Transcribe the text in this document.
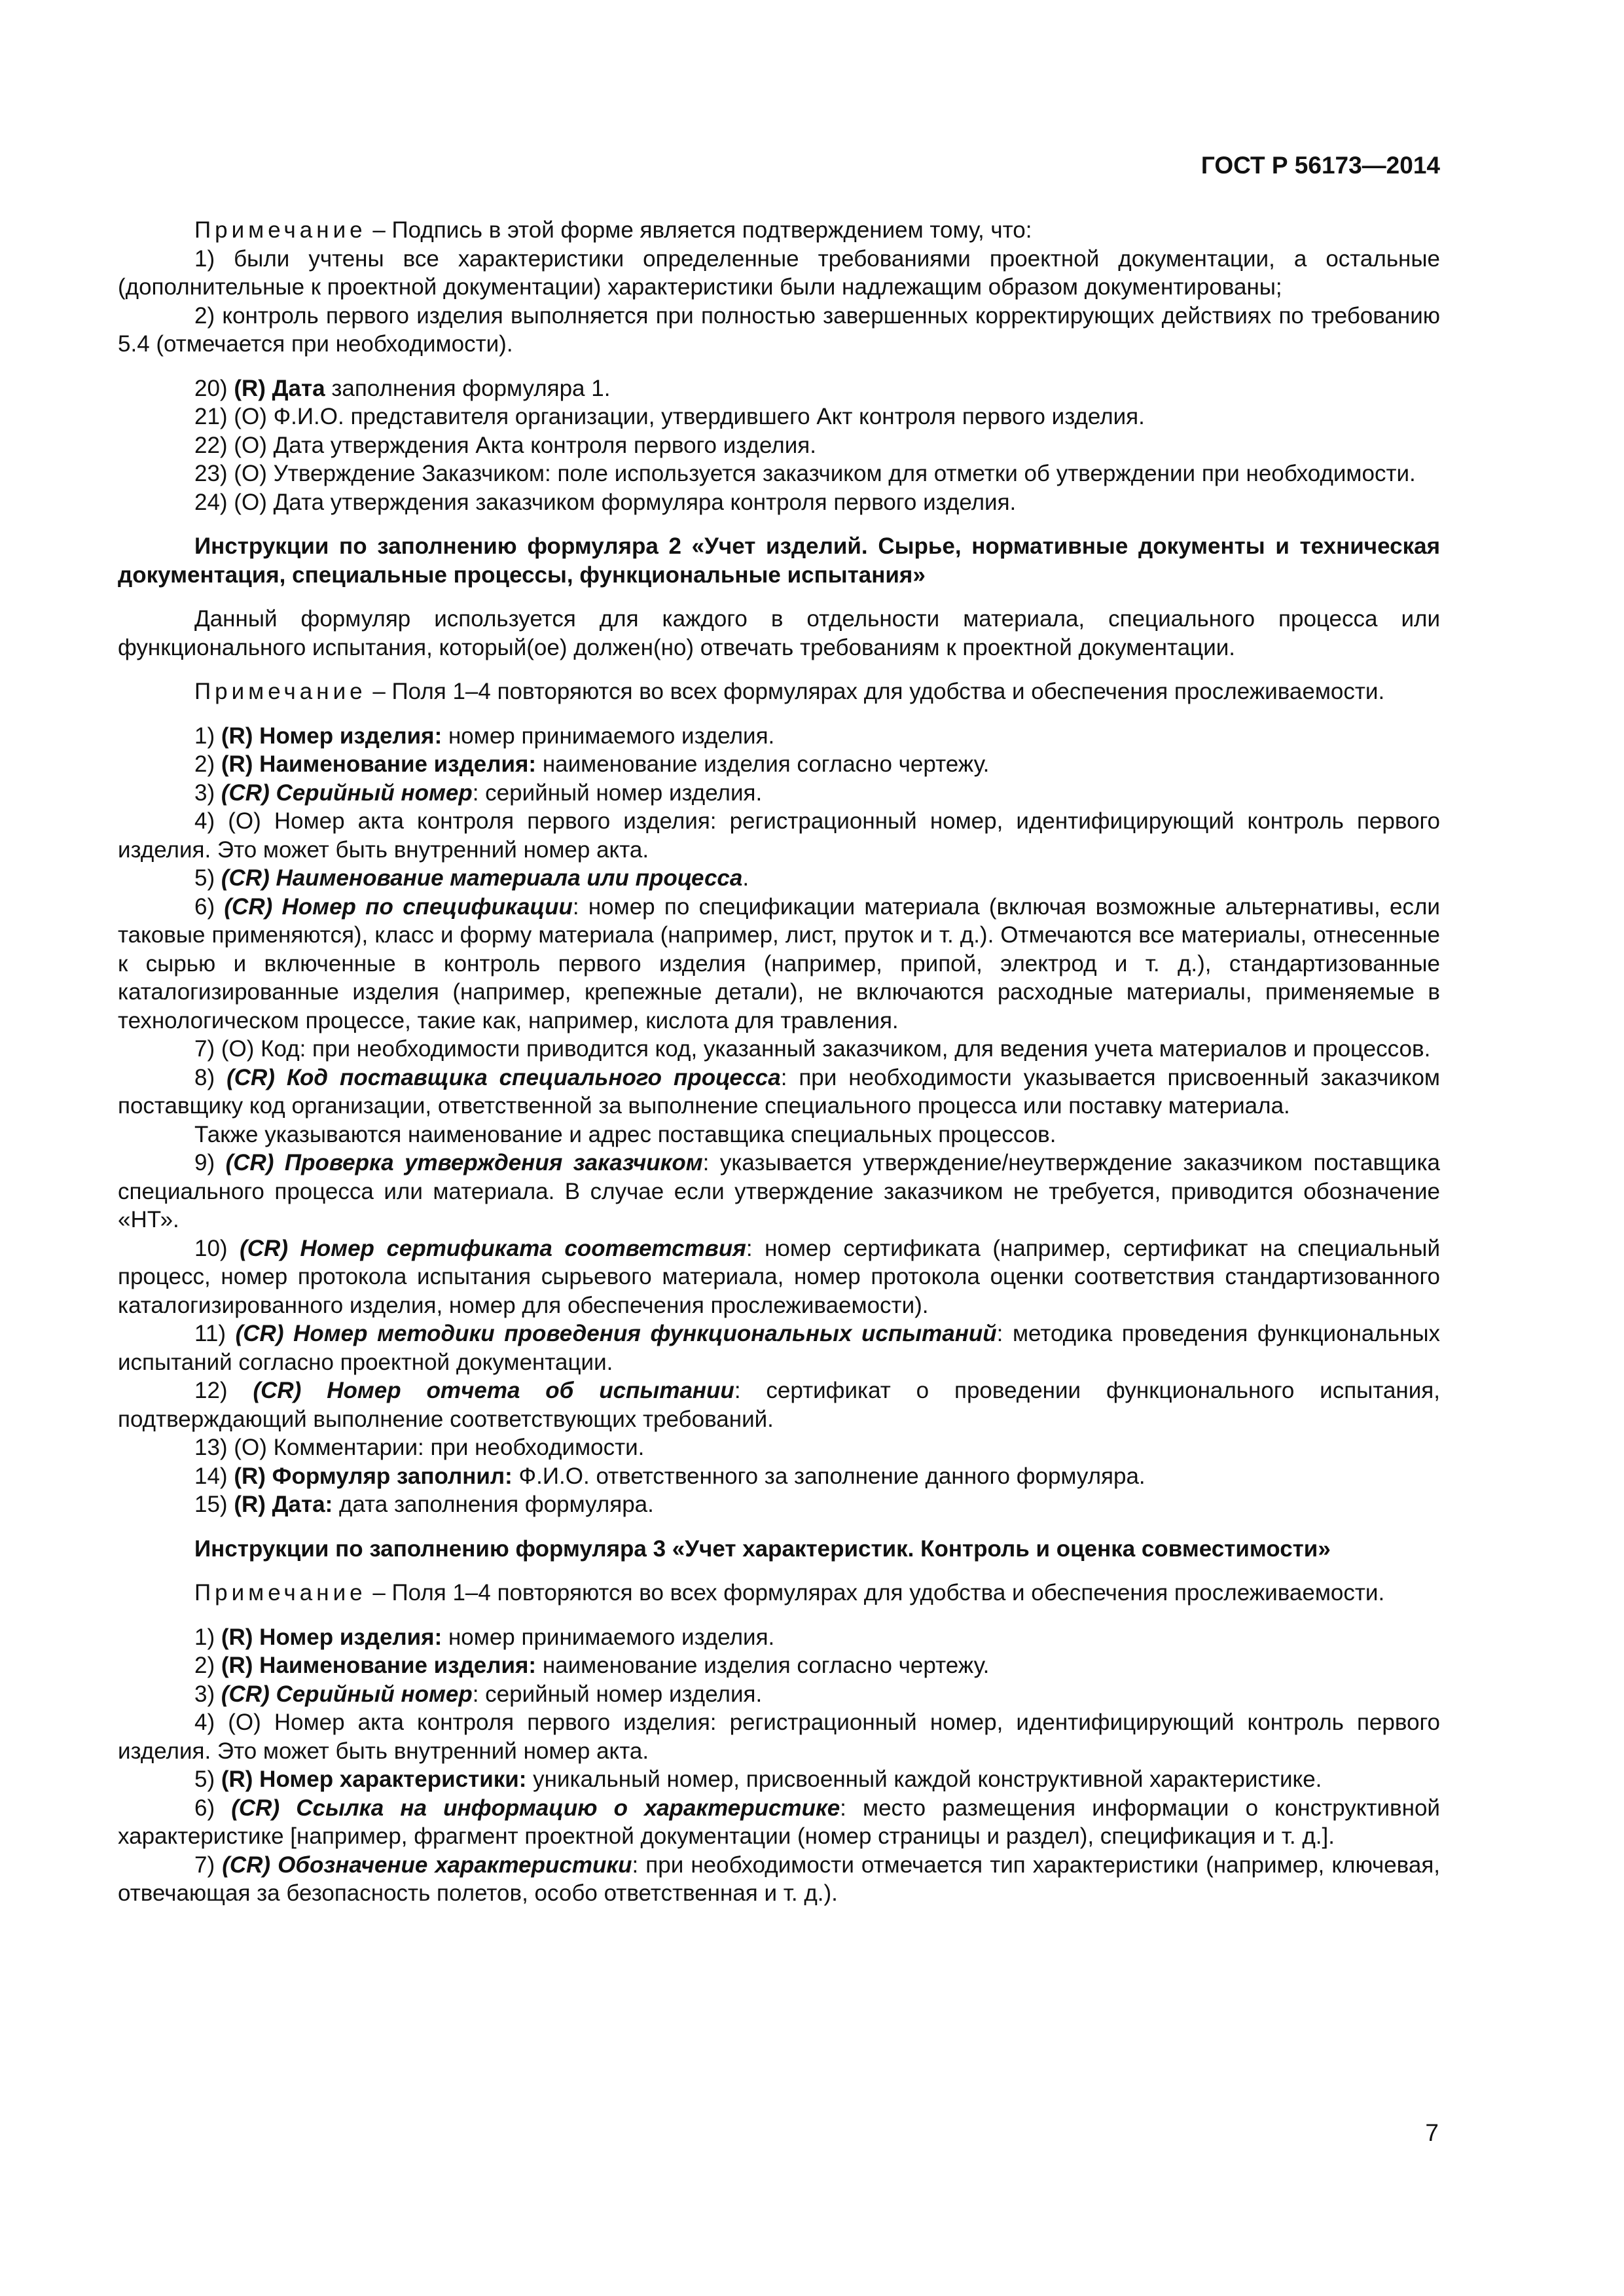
ГОСТ Р 56173—2014

Примечание – Подпись в этой форме является подтверждением тому, что:

1) были учтены все характеристики определенные требованиями проектной документации, а остальные (дополнительные к проектной документации) характеристики были надлежащим образом документированы;

2) контроль первого изделия выполняется при полностью завершенных корректирующих действиях по требованию 5.4 (отмечается при необходимости).

20) (R) Дата заполнения формуляра 1.

21) (О) Ф.И.О. представителя организации, утвердившего Акт контроля первого изделия.

22) (О) Дата утверждения Акта контроля первого изделия.

23) (О) Утверждение Заказчиком: поле используется заказчиком для отметки об утверждении при необходимости.

24) (О) Дата утверждения заказчиком формуляра контроля первого изделия.

Инструкции по заполнению формуляра 2 «Учет изделий. Сырье, нормативные документы и техническая документация, специальные процессы, функциональные испытания»

Данный формуляр используется для каждого в отдельности материала, специального процесса или функционального испытания, который(ое) должен(но) отвечать требованиям к проектной документации.

Примечание – Поля 1–4 повторяются во всех формулярах для удобства и обеспечения прослеживаемости.

1) (R) Номер изделия: номер принимаемого изделия.

2) (R) Наименование изделия: наименование изделия согласно чертежу.

3) (CR) Серийный номер: серийный номер изделия.

4) (О) Номер акта контроля первого изделия: регистрационный номер, идентифицирующий контроль первого изделия. Это может быть внутренний номер акта.

5) (CR) Наименование материала или процесса.

6) (CR) Номер по спецификации: номер по спецификации материала (включая возможные альтернативы, если таковые применяются), класс и форму материала (например, лист, пруток и т. д.). Отмечаются все материалы, отнесенные к сырью и включенные в контроль первого изделия (например, припой, электрод и т. д.), стандартизованные каталогизированные изделия (например, крепежные детали), не включаются расходные материалы, применяемые в технологическом процессе, такие как, например, кислота для травления.

7) (О) Код: при необходимости приводится код, указанный заказчиком, для ведения учета материалов и процессов.

8) (CR) Код поставщика специального процесса: при необходимости указывается присвоенный заказчиком поставщику код организации, ответственной за выполнение специального процесса или поставку материала.

Также указываются наименование и адрес поставщика специальных процессов.

9) (CR) Проверка утверждения заказчиком: указывается утверждение/неутверждение заказчиком поставщика специального процесса или материала. В случае если утверждение заказчиком не требуется, приводится обозначение «НТ».

10) (CR) Номер сертификата соответствия: номер сертификата (например, сертификат на специальный процесс, номер протокола испытания сырьевого материала, номер протокола оценки соответствия стандартизованного каталогизированного изделия, номер для обеспечения прослеживаемости).

11) (CR) Номер методики проведения функциональных испытаний: методика проведения функциональных испытаний согласно проектной документации.

12) (CR) Номер отчета об испытании: сертификат о проведении функционального испытания, подтверждающий выполнение соответствующих требований.

13) (О) Комментарии: при необходимости.

14) (R) Формуляр заполнил: Ф.И.О. ответственного за заполнение данного формуляра.

15) (R) Дата: дата заполнения формуляра.

Инструкции по заполнению формуляра 3 «Учет характеристик. Контроль и оценка совместимости»

Примечание – Поля 1–4 повторяются во всех формулярах для удобства и обеспечения прослеживаемости.

1) (R) Номер изделия: номер принимаемого изделия.

2) (R) Наименование изделия: наименование изделия согласно чертежу.

3) (CR) Серийный номер: серийный номер изделия.

4) (О) Номер акта контроля первого изделия: регистрационный номер, идентифицирующий контроль первого изделия. Это может быть внутренний номер акта.

5) (R) Номер характеристики: уникальный номер, присвоенный каждой конструктивной характеристике.

6) (CR) Ссылка на информацию о характеристике: место размещения информации о конструктивной характеристике [например, фрагмент проектной документации (номер страницы и раздел), спецификация и т. д.].

7) (CR) Обозначение характеристики: при необходимости отмечается тип характеристики (например, ключевая, отвечающая за безопасность полетов, особо ответственная и т. д.).

7
